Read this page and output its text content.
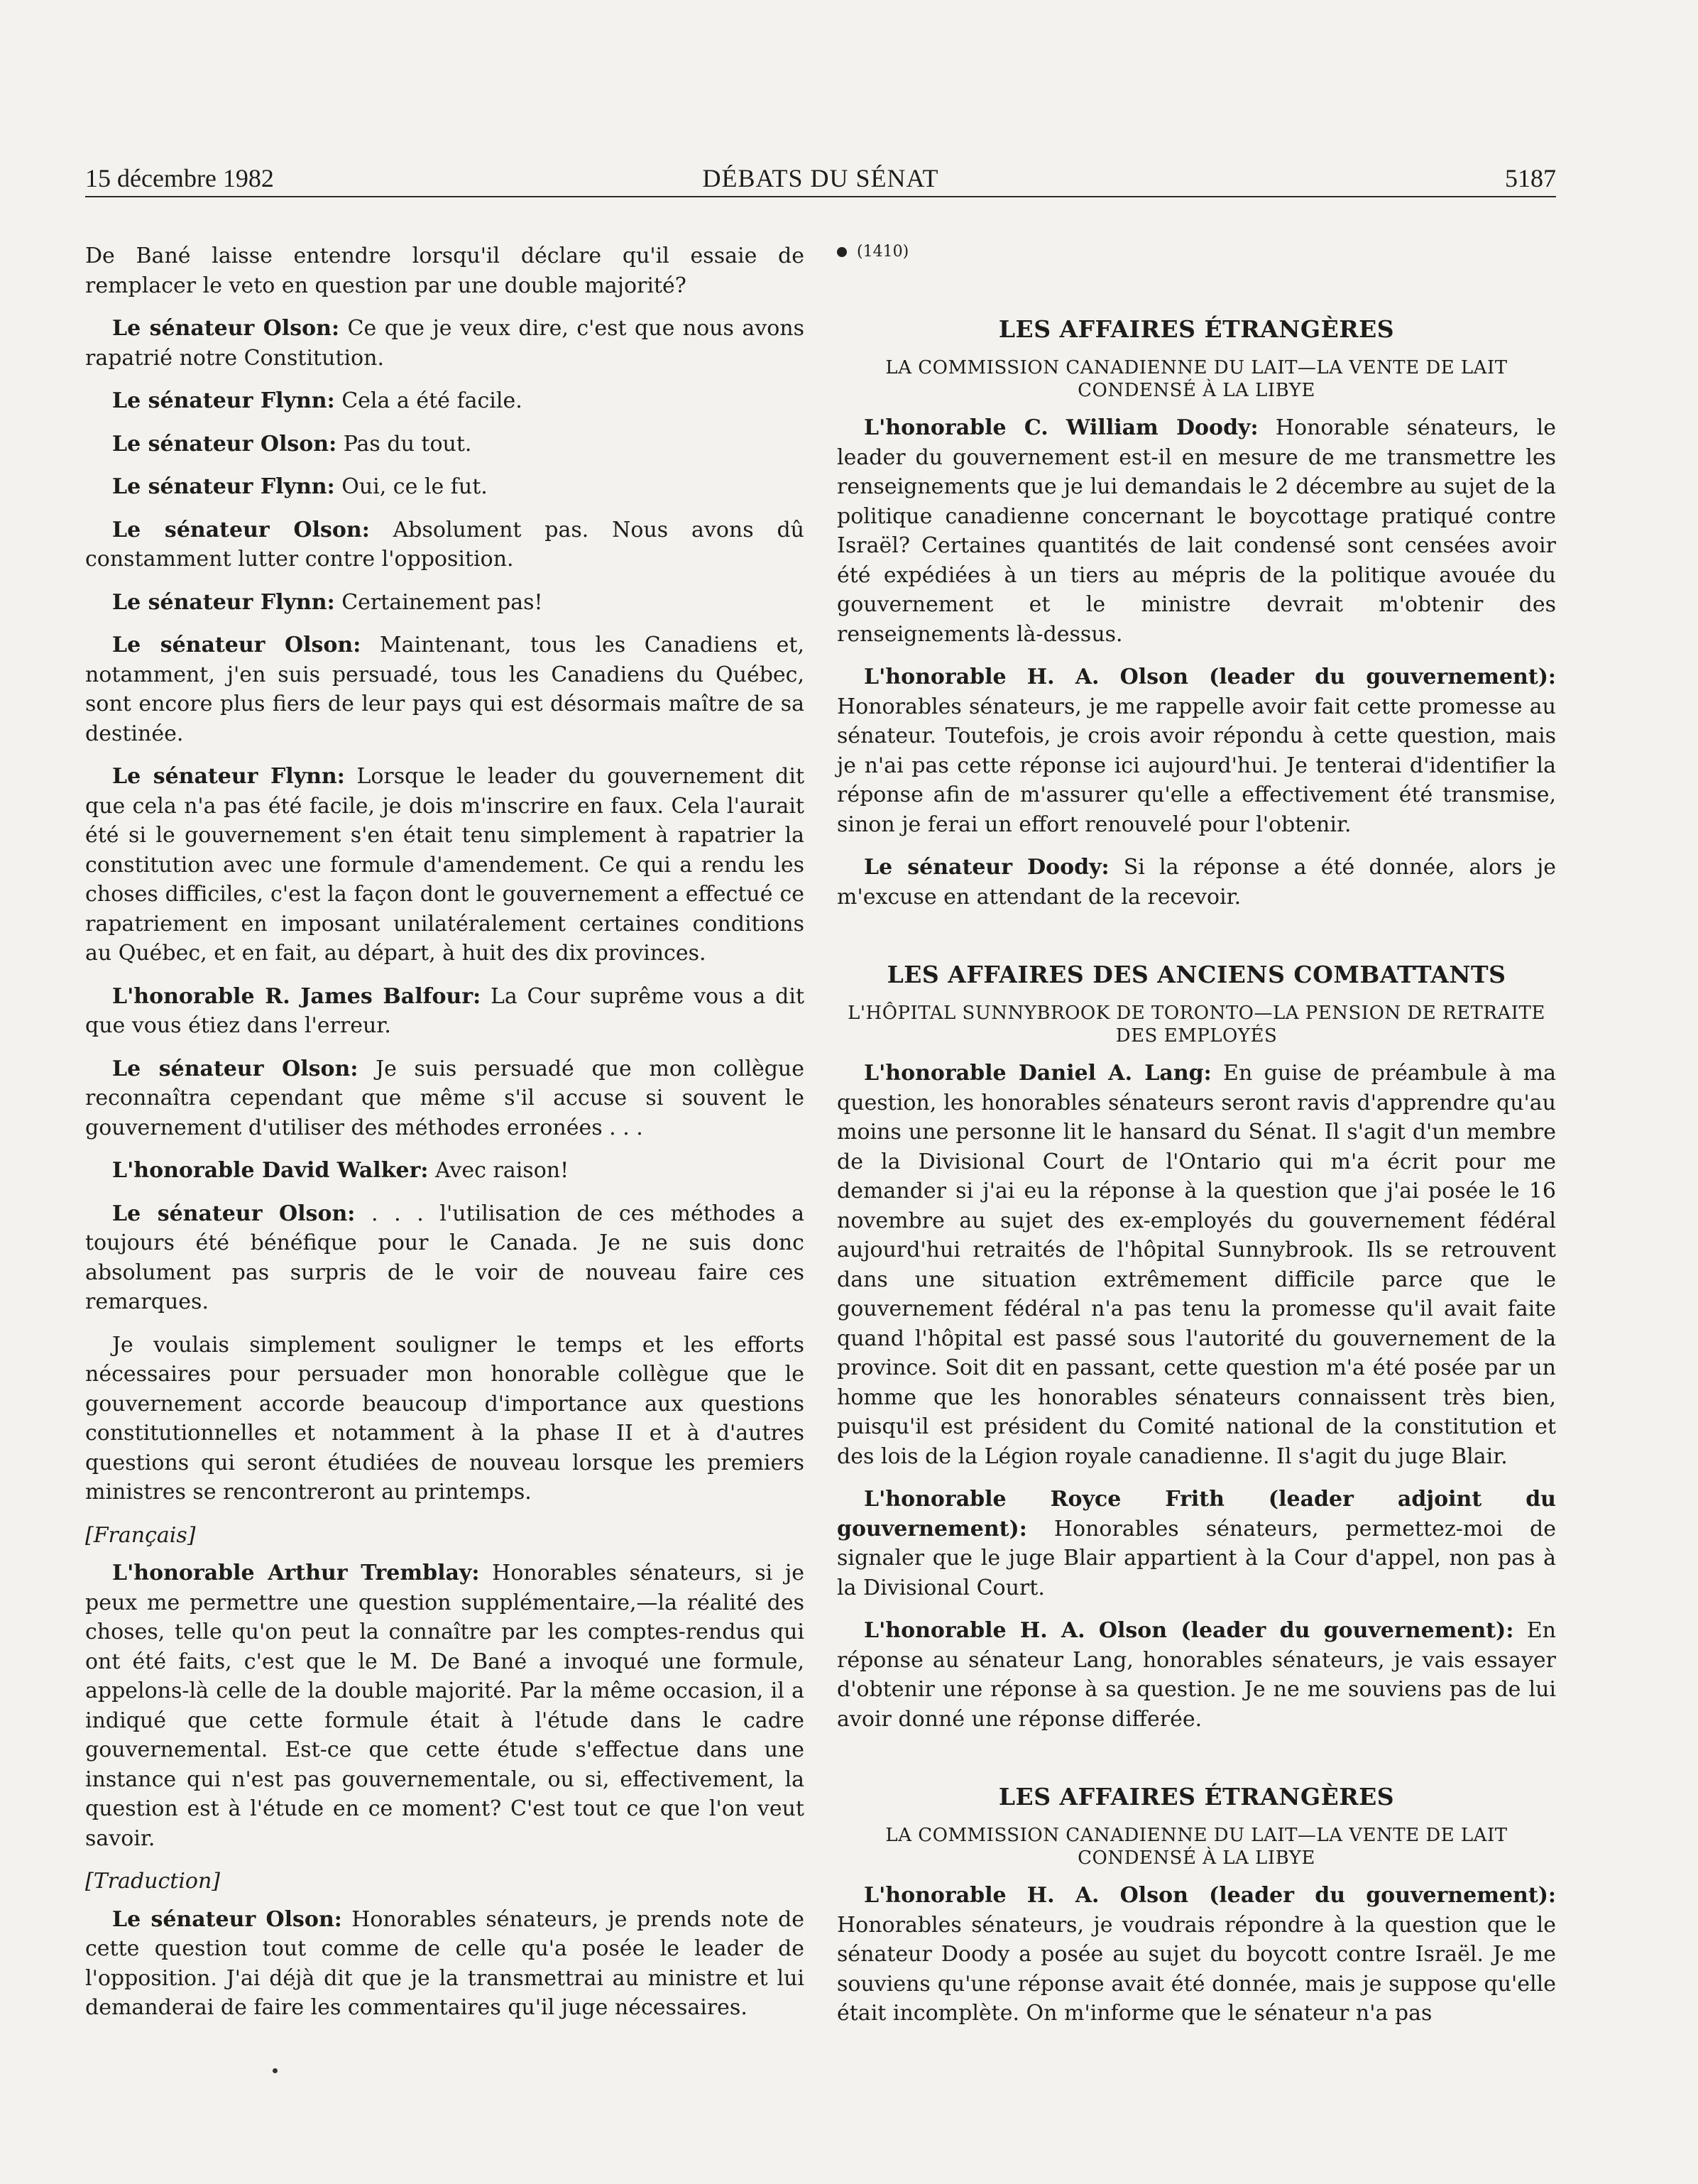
15 décembre 1982	DÉBATS DU SÉNAT	5187

De Bané laisse entendre lorsqu'il déclare qu'il essaie de remplacer le veto en question par une double majorité?

Le sénateur Olson: Ce que je veux dire, c'est que nous avons rapatrié notre Constitution.

Le sénateur Flynn: Cela a été facile.

Le sénateur Olson: Pas du tout.

Le sénateur Flynn: Oui, ce le fut.

Le sénateur Olson: Absolument pas. Nous avons dû constamment lutter contre l'opposition.

Le sénateur Flynn: Certainement pas!

Le sénateur Olson: Maintenant, tous les Canadiens et, notamment, j'en suis persuadé, tous les Canadiens du Québec, sont encore plus fiers de leur pays qui est désormais maître de sa destinée.

Le sénateur Flynn: Lorsque le leader du gouvernement dit que cela n'a pas été facile, je dois m'inscrire en faux. Cela l'aurait été si le gouvernement s'en était tenu simplement à rapatrier la constitution avec une formule d'amendement. Ce qui a rendu les choses difficiles, c'est la façon dont le gouvernement a effectué ce rapatriement en imposant unilatéralement certaines conditions au Québec, et en fait, au départ, à huit des dix provinces.

L'honorable R. James Balfour: La Cour suprême vous a dit que vous étiez dans l'erreur.

Le sénateur Olson: Je suis persuadé que mon collègue reconnaîtra cependant que même s'il accuse si souvent le gouvernement d'utiliser des méthodes erronées . . .

L'honorable David Walker: Avec raison!

Le sénateur Olson: . . . l'utilisation de ces méthodes a toujours été bénéfique pour le Canada. Je ne suis donc absolument pas surpris de le voir de nouveau faire ces remarques.

Je voulais simplement souligner le temps et les efforts nécessaires pour persuader mon honorable collègue que le gouvernement accorde beaucoup d'importance aux questions constitutionnelles et notamment à la phase II et à d'autres questions qui seront étudiées de nouveau lorsque les premiers ministres se rencontreront au printemps.

[Français]

L'honorable Arthur Tremblay: Honorables sénateurs, si je peux me permettre une question supplémentaire,—la réalité des choses, telle qu'on peut la connaître par les comptes-rendus qui ont été faits, c'est que le M. De Bané a invoqué une formule, appelons-là celle de la double majorité. Par la même occasion, il a indiqué que cette formule était à l'étude dans le cadre gouvernemental. Est-ce que cette étude s'effectue dans une instance qui n'est pas gouvernementale, ou si, effectivement, la question est à l'étude en ce moment? C'est tout ce que l'on veut savoir.

[Traduction]

Le sénateur Olson: Honorables sénateurs, je prends note de cette question tout comme de celle qu'a posée le leader de l'opposition. J'ai déjà dit que je la transmettrai au ministre et lui demanderai de faire les commentaires qu'il juge nécessaires.

(1410)
LES AFFAIRES ÉTRANGÈRES
LA COMMISSION CANADIENNE DU LAIT—LA VENTE DE LAIT CONDENSÉ À LA LIBYE

L'honorable C. William Doody: Honorable sénateurs, le leader du gouvernement est-il en mesure de me transmettre les renseignements que je lui demandais le 2 décembre au sujet de la politique canadienne concernant le boycottage pratiqué contre Israël? Certaines quantités de lait condensé sont censées avoir été expédiées à un tiers au mépris de la politique avouée du gouvernement et le ministre devrait m'obtenir des renseignements là-dessus.

L'honorable H. A. Olson (leader du gouvernement): Honorables sénateurs, je me rappelle avoir fait cette promesse au sénateur. Toutefois, je crois avoir répondu à cette question, mais je n'ai pas cette réponse ici aujourd'hui. Je tenterai d'identifier la réponse afin de m'assurer qu'elle a effectivement été transmise, sinon je ferai un effort renouvelé pour l'obtenir.

Le sénateur Doody: Si la réponse a été donnée, alors je m'excuse en attendant de la recevoir.

LES AFFAIRES DES ANCIENS COMBATTANTS
L'HÔPITAL SUNNYBROOK DE TORONTO—LA PENSION DE RETRAITE DES EMPLOYÉS

L'honorable Daniel A. Lang: En guise de préambule à ma question, les honorables sénateurs seront ravis d'apprendre qu'au moins une personne lit le hansard du Sénat. Il s'agit d'un membre de la Divisional Court de l'Ontario qui m'a écrit pour me demander si j'ai eu la réponse à la question que j'ai posée le 16 novembre au sujet des ex-employés du gouvernement fédéral aujourd'hui retraités de l'hôpital Sunnybrook. Ils se retrouvent dans une situation extrêmement difficile parce que le gouvernement fédéral n'a pas tenu la promesse qu'il avait faite quand l'hôpital est passé sous l'autorité du gouvernement de la province. Soit dit en passant, cette question m'a été posée par un homme que les honorables sénateurs connaissent très bien, puisqu'il est président du Comité national de la constitution et des lois de la Légion royale canadienne. Il s'agit du juge Blair.

L'honorable Royce Frith (leader adjoint du gouvernement): Honorables sénateurs, permettez-moi de signaler que le juge Blair appartient à la Cour d'appel, non pas à la Divisional Court.

L'honorable H. A. Olson (leader du gouvernement): En réponse au sénateur Lang, honorables sénateurs, je vais essayer d'obtenir une réponse à sa question. Je ne me souviens pas de lui avoir donné une réponse differée.

LES AFFAIRES ÉTRANGÈRES
LA COMMISSION CANADIENNE DU LAIT—LA VENTE DE LAIT CONDENSÉ À LA LIBYE

L'honorable H. A. Olson (leader du gouvernement): Honorables sénateurs, je voudrais répondre à la question que le sénateur Doody a posée au sujet du boycott contre Israël. Je me souviens qu'une réponse avait été donnée, mais je suppose qu'elle était incomplète. On m'informe que le sénateur n'a pas
